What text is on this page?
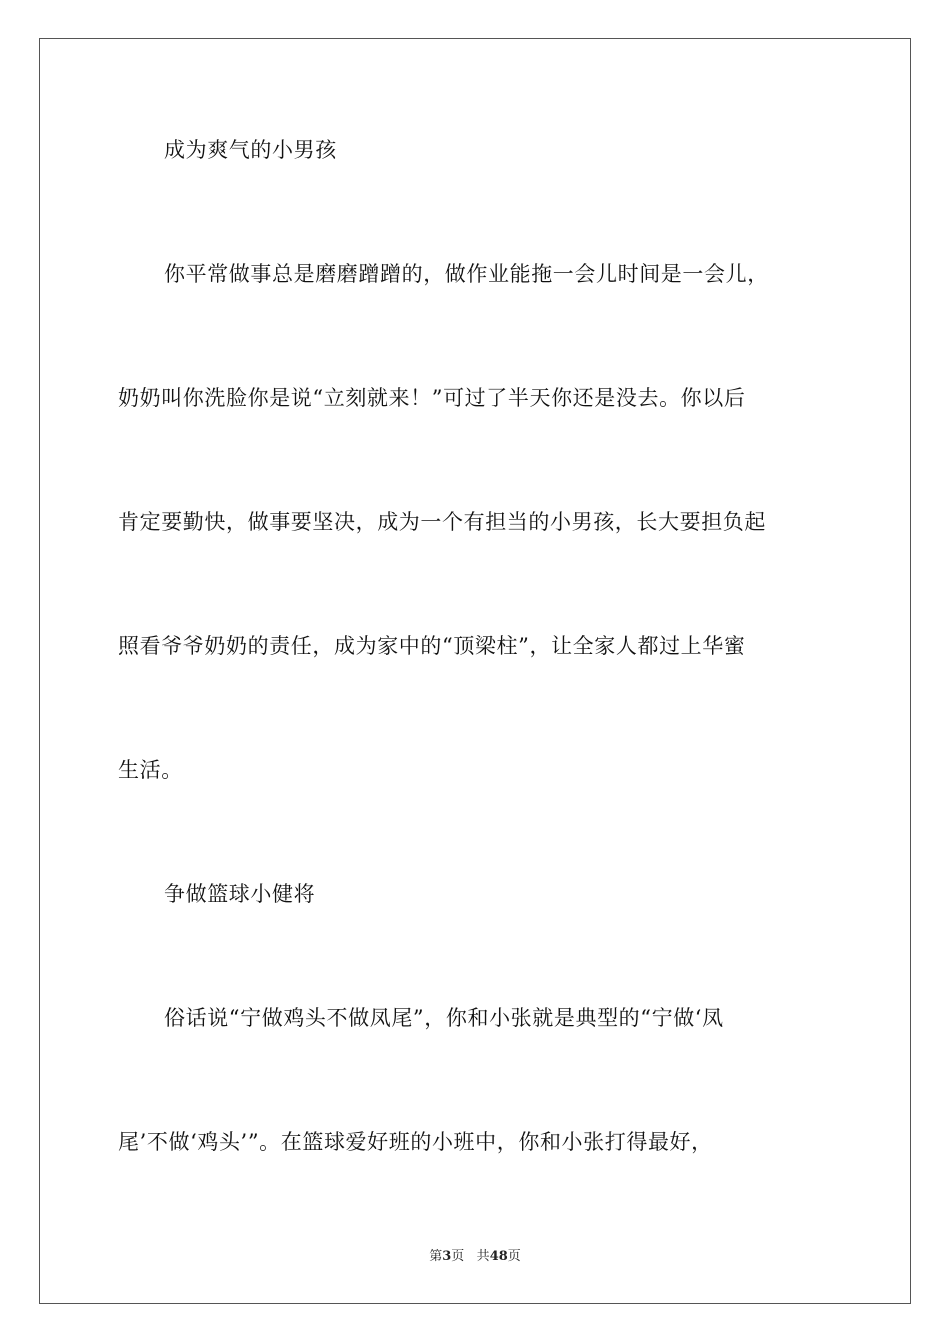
成为爽气的小男孩
你平常做事总是磨磨蹭蹭的，做作业能拖一会儿时间是一会儿，
奶奶叫你洗脸你是说“立刻就来！”可过了半天你还是没去。你以后
肯定要勤快，做事要坚决，成为一个有担当的小男孩，长大要担负起
照看爷爷奶奶的责任，成为家中的“顶梁柱”，让全家人都过上华蜜
生活。
争做篮球小健将
俗话说“宁做鸡头不做凤尾”，你和小张就是典型的“宁做‘凤
尾’不做‘鸡头’”。在篮球爱好班的小班中，你和小张打得最好，
第3页 共48页
